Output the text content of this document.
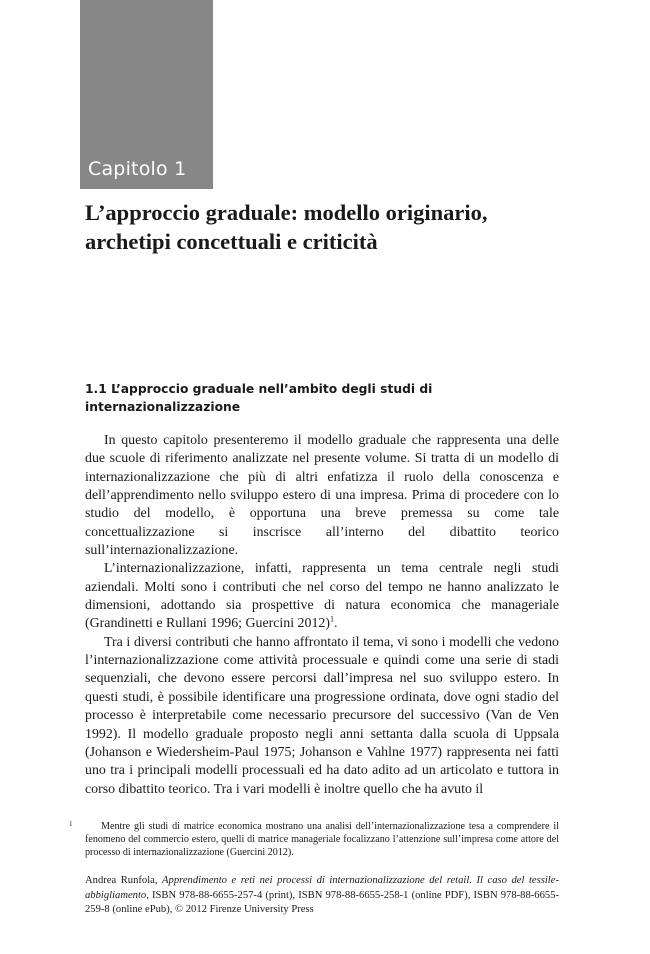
Capitolo 1
L’approccio graduale: modello originario, archetipi concettuali e criticità
1.1 L’approccio graduale nell’ambito degli studi di internazionalizzazione

In questo capitolo presenteremo il modello graduale che rappresenta una delle due scuole di riferimento analizzate nel presente volume. Si tratta di un modello di internazionalizzazione che più di altri enfatizza il ruolo della conoscenza e dell’apprendimento nello sviluppo estero di una impresa. Prima di procedere con lo studio del modello, è opportuna una breve premessa su come tale concettualizzazione si inscrisce all’interno del dibattito teorico sull’internazionalizzazione.

L’internazionalizzazione, infatti, rappresenta un tema centrale negli studi aziendali. Molti sono i contributi che nel corso del tempo ne hanno analizzato le dimensioni, adottando sia prospettive di natura economica che manageriale (Grandinetti e Rullani 1996; Guercini 2012)$^1$.

Tra i diversi contributi che hanno affrontato il tema, vi sono i modelli che vedono l’internazionalizzazione come attività processuale e quindi come una serie di stadi sequenziali, che devono essere percorsi dall’impresa nel suo sviluppo estero. In questi studi, è possibile identificare una progressione ordinata, dove ogni stadio del processo è interpretabile come necessario precursore del successivo (Van de Ven 1992). Il modello graduale proposto negli anni settanta dalla scuola di Uppsala (Johanson e Wiedersheim-Paul 1975; Johanson e Vahlne 1977) rappresenta nei fatti uno tra i principali modelli processuali ed ha dato adito ad un articolato e tuttora in corso dibattito teorico. Tra i vari modelli è inoltre quello che ha avuto il

1	Mentre gli studi di matrice economica mostrano una analisi dell’internazionalizzazione tesa a comprendere il fenomeno del commercio estero, quelli di matrice manageriale focalizzano l’attenzione sull’impresa come attore del processo di internazionalizzazione (Guercini 2012).

Andrea Runfola, Apprendimento e reti nei processi di internazionalizzazione del retail. Il caso del tessile-abbigliamento, ISBN 978-88-6655-257-4 (print), ISBN 978-88-6655-258-1 (online PDF), ISBN 978-88-6655-259-8 (online ePub), © 2012 Firenze University Press
